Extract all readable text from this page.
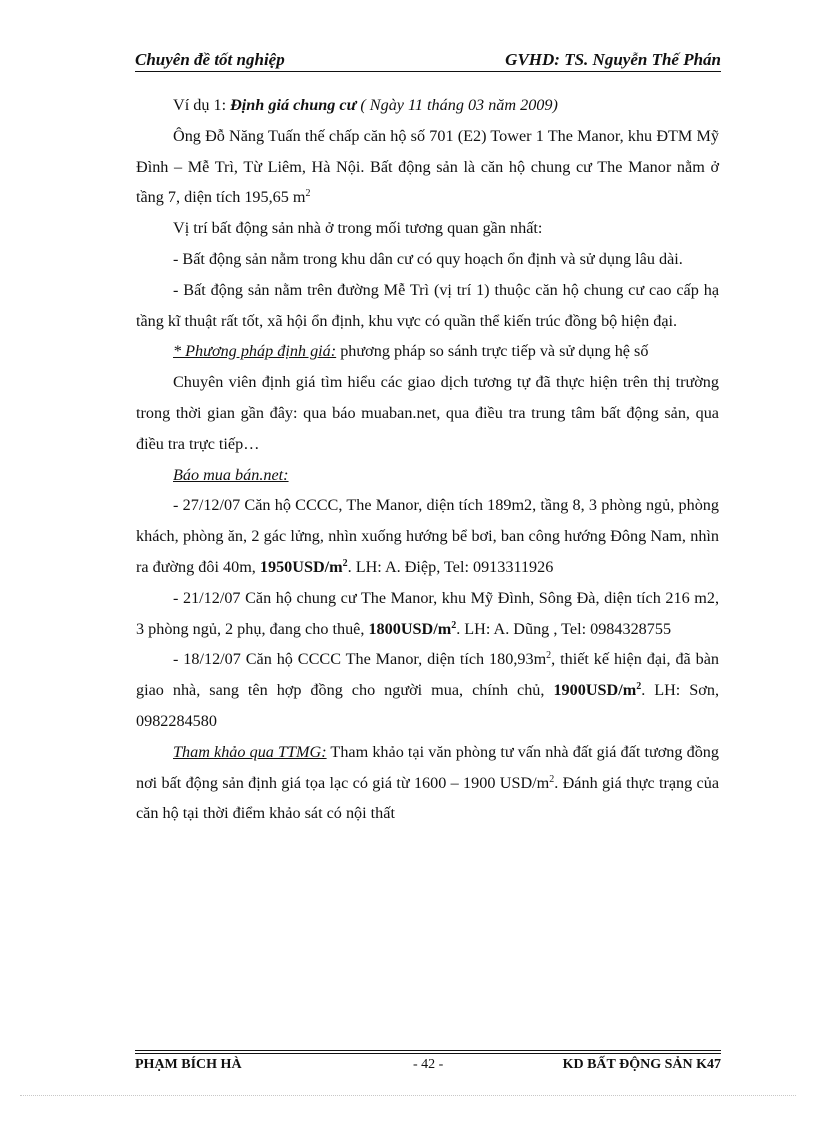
Chuyên đề tốt nghiệp	GVHD: TS. Nguyễn Thế Phán

Ví dụ 1: Định giá chung cư ( Ngày 11 tháng 03 năm 2009)

Ông Đỗ Năng Tuấn thế chấp căn hộ số 701 (E2) Tower 1 The Manor, khu ĐTM Mỹ Đình – Mễ Trì, Từ Liêm, Hà Nội. Bất động sản là căn hộ chung cư The Manor nằm ở tầng 7, diện tích 195,65 $m^2$

Vị trí bất động sản nhà ở trong mối tương quan gần nhất:

- Bất động sản nằm trong khu dân cư có quy hoạch ổn định và sử dụng lâu dài.

- Bất động sản nằm trên đường Mễ Trì (vị trí 1) thuộc căn hộ chung cư cao cấp hạ tầng kĩ thuật rất tốt, xã hội ổn định, khu vực có quần thể kiến trúc đồng bộ hiện đại.

* Phương pháp định giá: phương pháp so sánh trực tiếp và sử dụng hệ số

Chuyên viên định giá tìm hiểu các giao dịch tương tự đã thực hiện trên thị trường trong thời gian gần đây: qua báo muaban.net, qua điều tra trung tâm bất động sản, qua điều tra trực tiếp…

Báo mua bán.net:

- 27/12/07 Căn hộ CCCC, The Manor, diện tích 189m2, tầng 8, 3 phòng ngủ, phòng khách, phòng ăn, 2 gác lửng, nhìn xuống hướng bể bơi, ban công hướng Đông Nam, nhìn ra đường đôi 40m, $1950USD/m^2$. LH: A. Điệp, Tel: 0913311926

- 21/12/07 Căn hộ chung cư The Manor, khu Mỹ Đình, Sông Đà, diện tích 216 m2, 3 phòng ngủ, 2 phụ, đang cho thuê, $1800USD/m^2$. LH: A. Dũng , Tel: 0984328755

- 18/12/07 Căn hộ CCCC The Manor, diện tích $180,93m^2$, thiết kế hiện đại, đã bàn giao nhà, sang tên hợp đồng cho người mua, chính chủ, $1900USD/m^2$. LH: Sơn, 0982284580

Tham khảo qua TTMG: Tham khảo tại văn phòng tư vấn nhà đất giá đất tương đồng nơi bất động sản định giá tọa lạc có giá từ 1600 – 1900 USD/$m^2$. Đánh giá thực trạng của căn hộ tại thời điểm khảo sát có nội thất

PHẠM BÍCH HÀ	- 42 -	KD BẤT ĐỘNG SẢN K47
